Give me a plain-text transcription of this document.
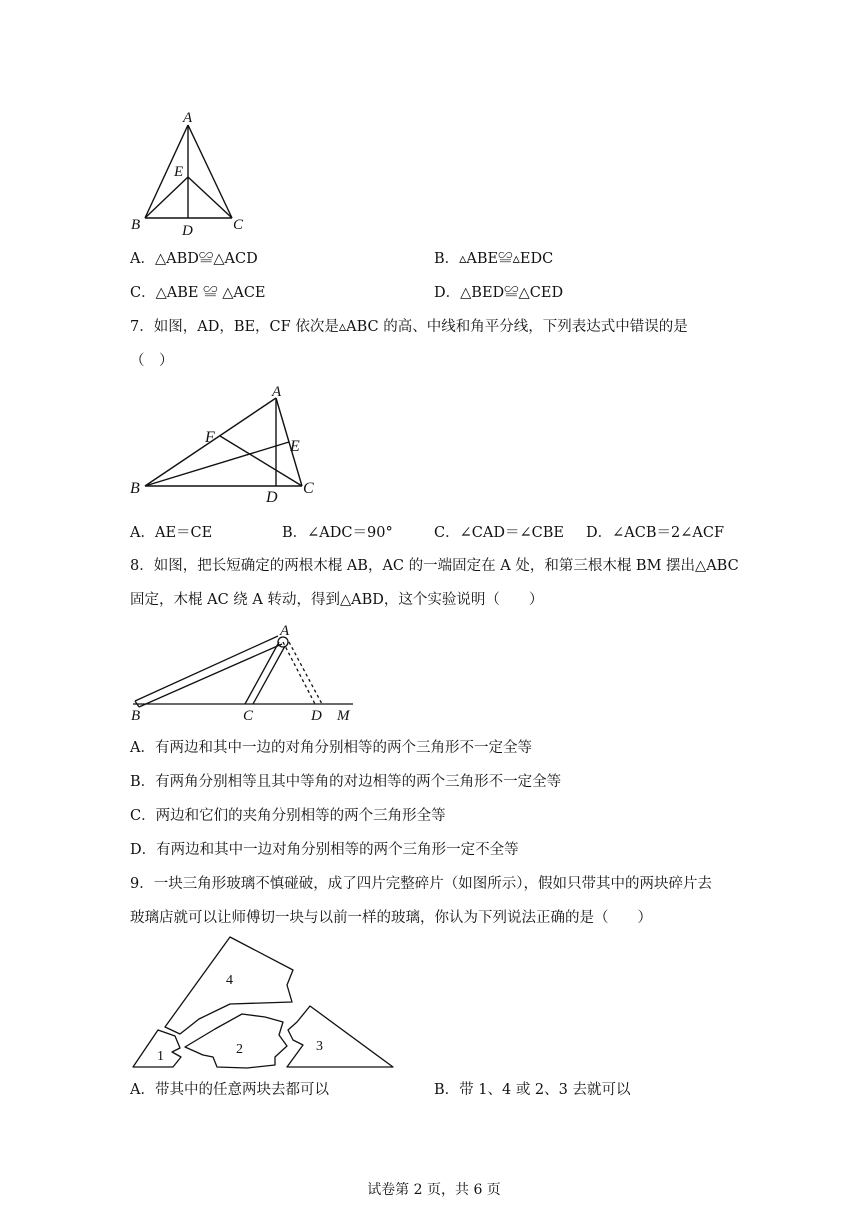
A
E
B	D	C
A．△ABD≌△ACD	B．▵ABE≌▵EDC
C．△ABE ≌ △ACE	D．△BED≌△CED
7．如图，AD，BE，CF 依次是▵ABC 的高、中线和角平分线，下列表达式中错误的是
（　）
A
F
E
B
D
C
A．AE＝CE	B．∠ADC＝90°	C．∠CAD＝∠CBE D．∠ACB＝2∠ACF
8．如图，把长短确定的两根木棍 AB，AC 的一端固定在 A 处，和第三根木棍 BM 摆出△ABC
固定，木棍 AC 绕 A 转动，得到△ABD，这个实验说明（　　）
A
B	C	D M
A．有两边和其中一边的对角分别相等的两个三角形不一定全等
B．有两角分别相等且其中等角的对边相等的两个三角形不一定全等
C．两边和它们的夹角分别相等的两个三角形全等
D．有两边和其中一边对角分别相等的两个三角形一定不全等
9．一块三角形玻璃不慎碰破，成了四片完整碎片（如图所示），假如只带其中的两块碎片去
玻璃店就可以让师傅切一块与以前一样的玻璃，你认为下列说法正确的是（　　）
4
1	2	3
A．带其中的任意两块去都可以	B．带 1、4 或 2、3 去就可以
试卷第 2 页，共 6 页
